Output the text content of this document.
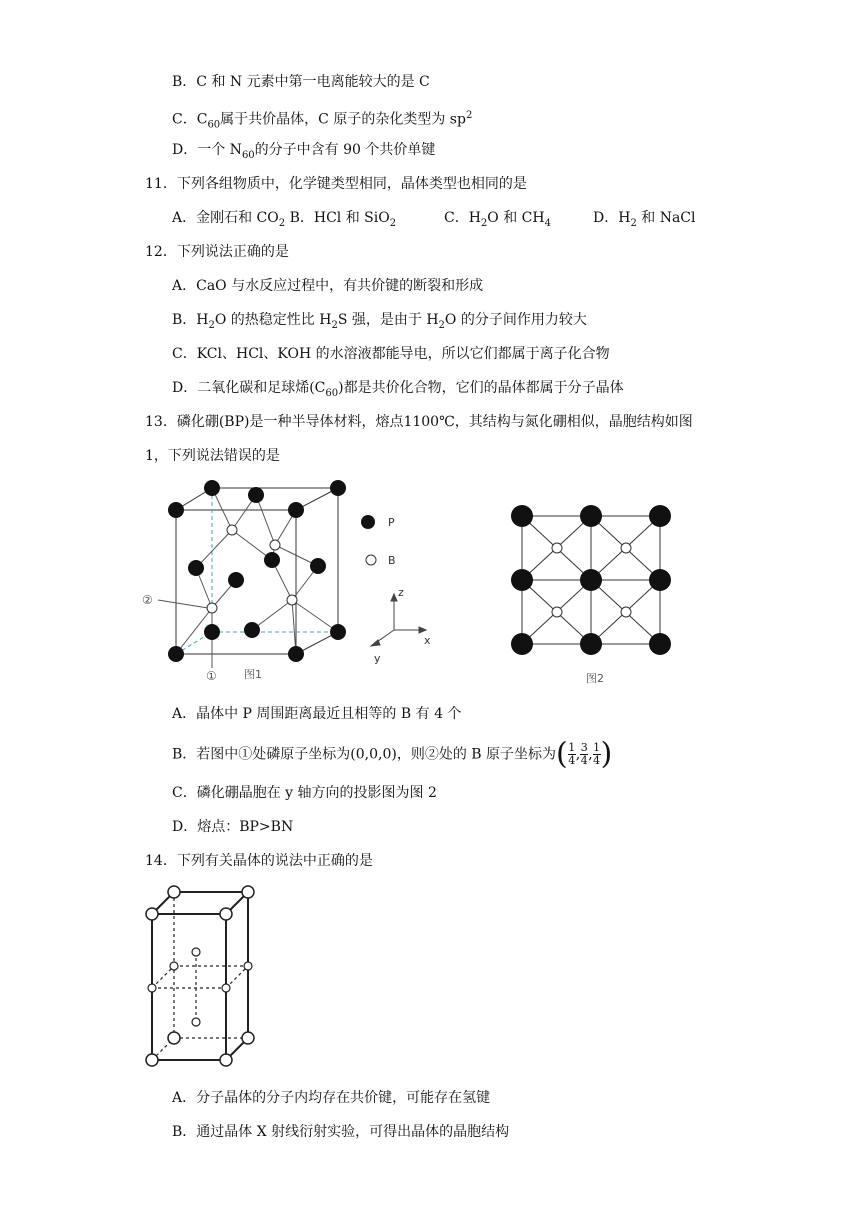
B．C 和 N 元素中第一电离能较大的是 C
C．$C_{60}$属于共价晶体，C 原子的杂化类型为 $sp^2$
D．一个 $N_{60}$的分子中含有 90 个共价单键
11．下列各组物质中，化学键类型相同，晶体类型也相同的是
A．金刚石和 $CO_2$ B．HCl 和 SiO$_2$	C．$H_2O$ 和 $CH_4$	D．$H_2$ 和 NaCl
12．下列说法正确的是
A．CaO 与水反应过程中，有共价键的断裂和形成
B．$H_2O$ 的热稳定性比 $H_2S$ 强，是由于 $H_2O$ 的分子间作用力较大
C．KCl、HCl、KOH 的水溶液都能导电，所以它们都属于离子化合物
D．二氧化碳和足球烯$(C_{60})$都是共价化合物，它们的晶体都属于分子晶体
13．磷化硼(BP)是一种半导体材料，熔点1100℃，其结构与氮化硼相似，晶胞结构如图
1，下列说法错误的是
②
① 图1
P
B
z
x
y
图2
A．晶体中 P 周围距离最近且相等的 B 有 4 个
B．若图中①处磷原子坐标为(0,0,0)，则②处的 B 原子坐标为( $\frac{1}{4}$ , $\frac{3}{4}$ , $\frac{1}{4}$ )
C．磷化硼晶胞在 y 轴方向的投影图为图 2
D．熔点：BP>BN
14．下列有关晶体的说法中正确的是
A．分子晶体的分子内均存在共价键，可能存在氢键
B．通过晶体 X 射线衍射实验，可得出晶体的晶胞结构
